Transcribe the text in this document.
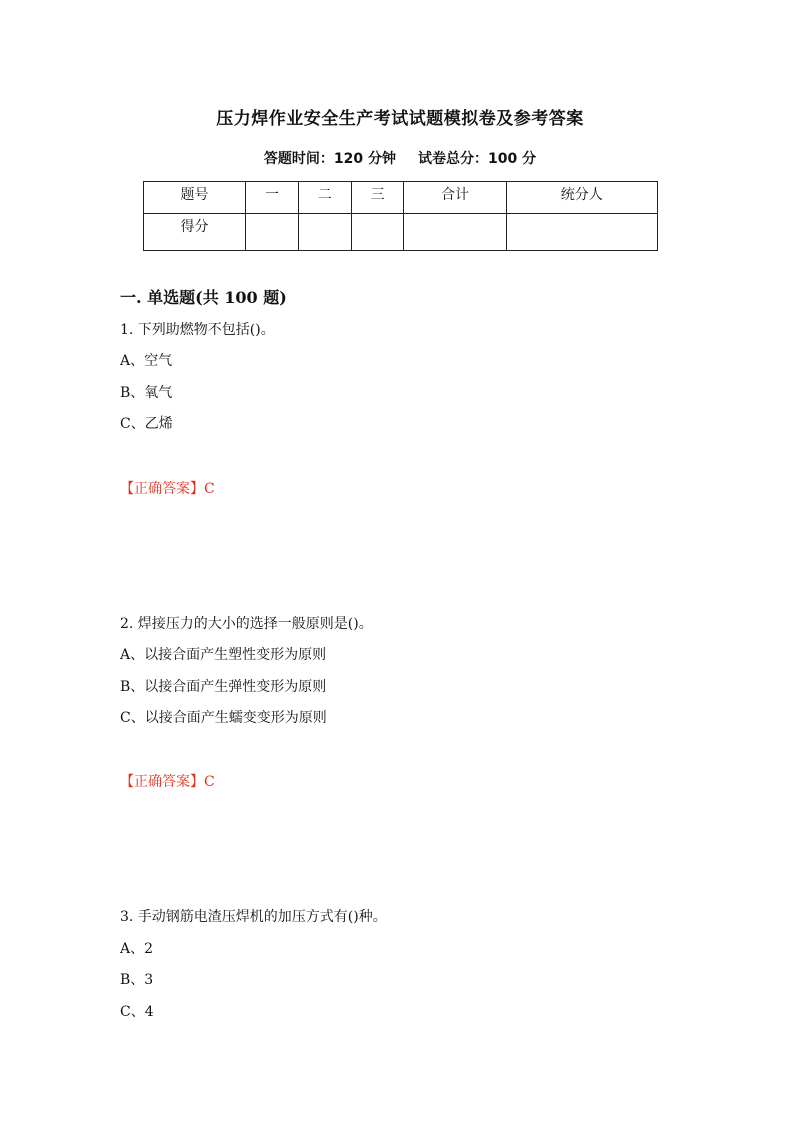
压力焊作业安全生产考试试题模拟卷及参考答案
答题时间：120 分钟 试卷总分：100 分
题号	一	二	三	合计	统分人
得分					
一. 单选题(共 100 题)
1. 下列助燃物不包括()。
A、空气
B、氧气
C、乙烯
【正确答案】C
2. 焊接压力的大小的选择一般原则是()。
A、以接合面产生塑性变形为原则
B、以接合面产生弹性变形为原则
C、以接合面产生蠕变变形为原则
【正确答案】C
3. 手动钢筋电渣压焊机的加压方式有()种。
A、2
B、3
C、4
